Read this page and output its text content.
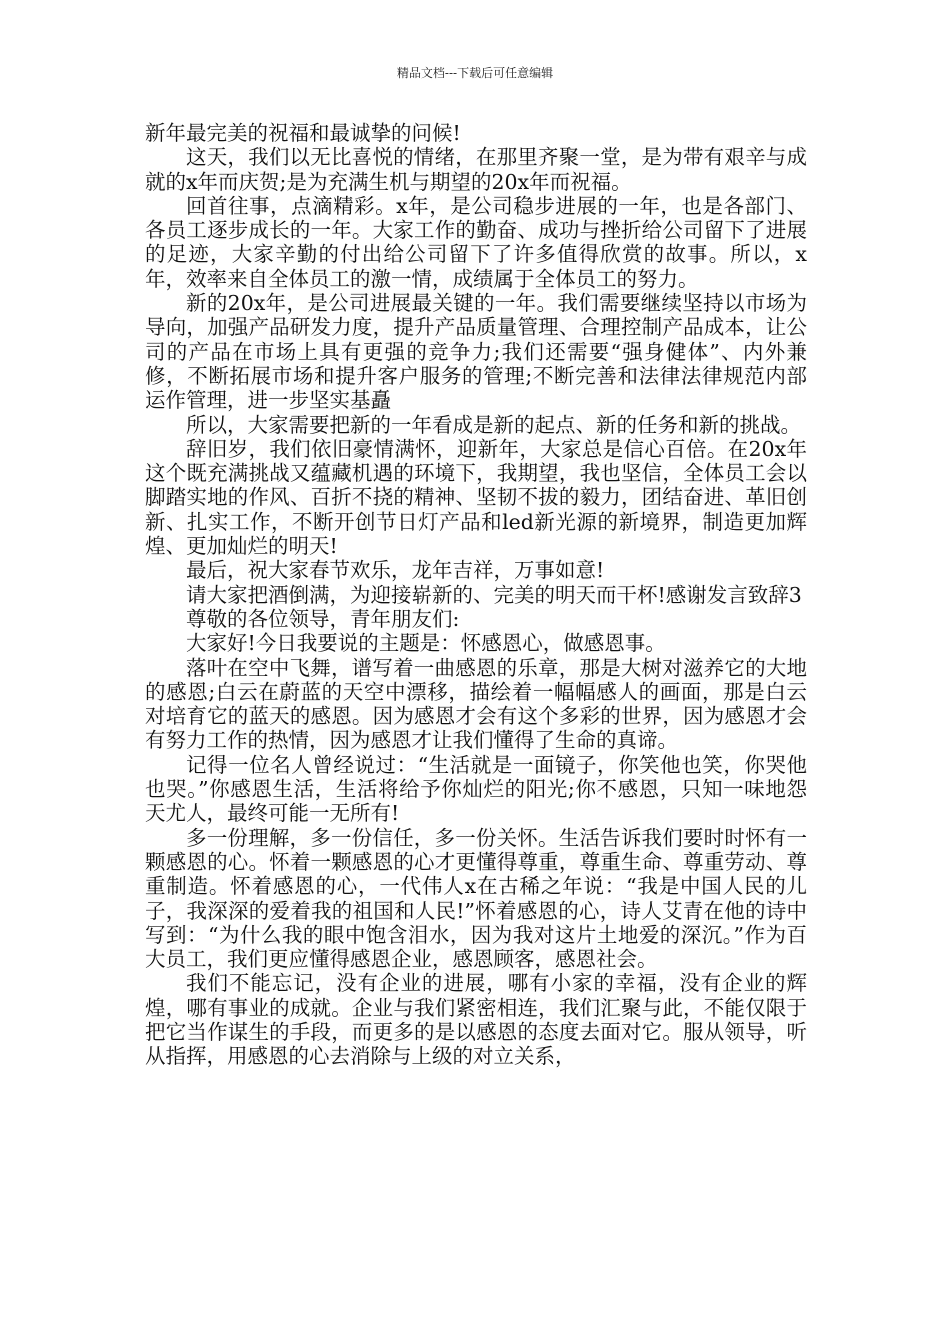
精品文档---下载后可任意编辑

新年最完美的祝福和最诚挚的问候!

这天，我们以无比喜悦的情绪，在那里齐聚一堂，是为带有艰辛与成就的x年而庆贺;是为充满生机与期望的20x年而祝福。

回首往事，点滴精彩。x年，是公司稳步进展的一年，也是各部门、各员工逐步成长的一年。大家工作的勤奋、成功与挫折给公司留下了进展的足迹，大家辛勤的付出给公司留下了许多值得欣赏的故事。所以，x年，效率来自全体员工的激一情，成绩属于全体员工的努力。

新的20x年，是公司进展最关键的一年。我们需要继续坚持以市场为导向，加强产品研发力度，提升产品质量管理、合理控制产品成本，让公司的产品在市场上具有更强的竞争力;我们还需要“强身健体”、内外兼修，不断拓展市场和提升客户服务的管理;不断完善和法律法律规范内部运作管理，进一步坚实基矗

所以，大家需要把新的一年看成是新的起点、新的任务和新的挑战。

辞旧岁，我们依旧豪情满怀，迎新年，大家总是信心百倍。在20x年这个既充满挑战又蕴藏机遇的环境下，我期望，我也坚信，全体员工会以脚踏实地的作风、百折不挠的精神、坚韧不拔的毅力，团结奋进、革旧创新、扎实工作，不断开创节日灯产品和led新光源的新境界，制造更加辉煌、更加灿烂的明天!

最后，祝大家春节欢乐，龙年吉祥，万事如意!

请大家把酒倒满，为迎接崭新的、完美的明天而干杯!感谢发言致辞3

尊敬的各位领导，青年朋友们:

大家好!今日我要说的主题是：怀感恩心，做感恩事。

落叶在空中飞舞，谱写着一曲感恩的乐章，那是大树对滋养它的大地的感恩;白云在蔚蓝的天空中漂移，描绘着一幅幅感人的画面，那是白云对培育它的蓝天的感恩。因为感恩才会有这个多彩的世界，因为感恩才会有努力工作的热情，因为感恩才让我们懂得了生命的真谛。

记得一位名人曾经说过：“生活就是一面镜子，你笑他也笑，你哭他也哭。”你感恩生活，生活将给予你灿烂的阳光;你不感恩，只知一味地怨天尤人，最终可能一无所有!

多一份理解，多一份信任，多一份关怀。生活告诉我们要时时怀有一颗感恩的心。怀着一颗感恩的心才更懂得尊重，尊重生命、尊重劳动、尊重制造。怀着感恩的心，一代伟人x在古稀之年说：“我是中国人民的儿子，我深深的爱着我的祖国和人民!”怀着感恩的心，诗人艾青在他的诗中写到：“为什么我的眼中饱含泪水，因为我对这片土地爱的深沉。”作为百大员工，我们更应懂得感恩企业，感恩顾客，感恩社会。

我们不能忘记，没有企业的进展，哪有小家的幸福，没有企业的辉煌，哪有事业的成就。企业与我们紧密相连，我们汇聚与此，不能仅限于把它当作谋生的手段，而更多的是以感恩的态度去面对它。服从领导，听从指挥，用感恩的心去消除与上级的对立关系，
